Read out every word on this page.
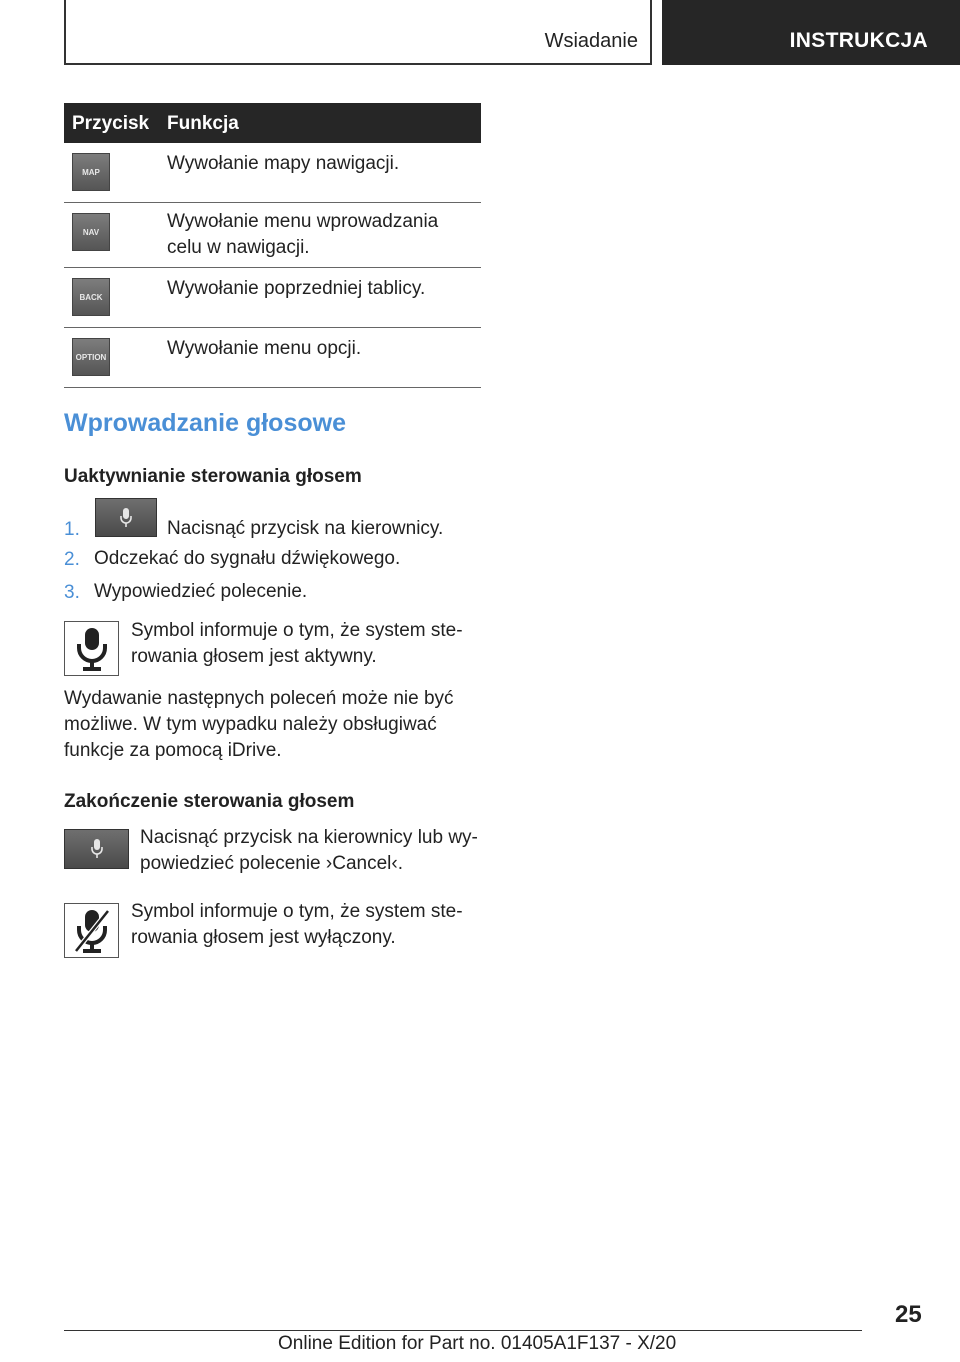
Wsiadanie	INSTRUKCJA
Przycisk Funkcja
MAP	Wywołanie mapy nawigacji.
NAV	Wywołanie menu wprowadzania
celu w nawigacji.
BACK	Wywołanie poprzedniej tablicy.
OPTION	Wywołanie menu opcji.
Wprowadzanie głosowe
Uaktywnianie sterowania głosem
1.	Nacisnąć przycisk na kierownicy.
2. Odczekać do sygnału dźwiękowego.
3. Wypowiedzieć polecenie.
Symbol informuje o tym, że system ste-
rowania głosem jest aktywny.
Wydawanie następnych poleceń może nie być
możliwe. W tym wypadku należy obsługiwać
funkcje za pomocą iDrive.
Zakończenie sterowania głosem
Nacisnąć przycisk na kierownicy lub wy-
powiedzieć polecenie ›Cancel‹.
Symbol informuje o tym, że system ste-
rowania głosem jest wyłączony.
25
Online Edition for Part no. 01405A1F137 - X/20
